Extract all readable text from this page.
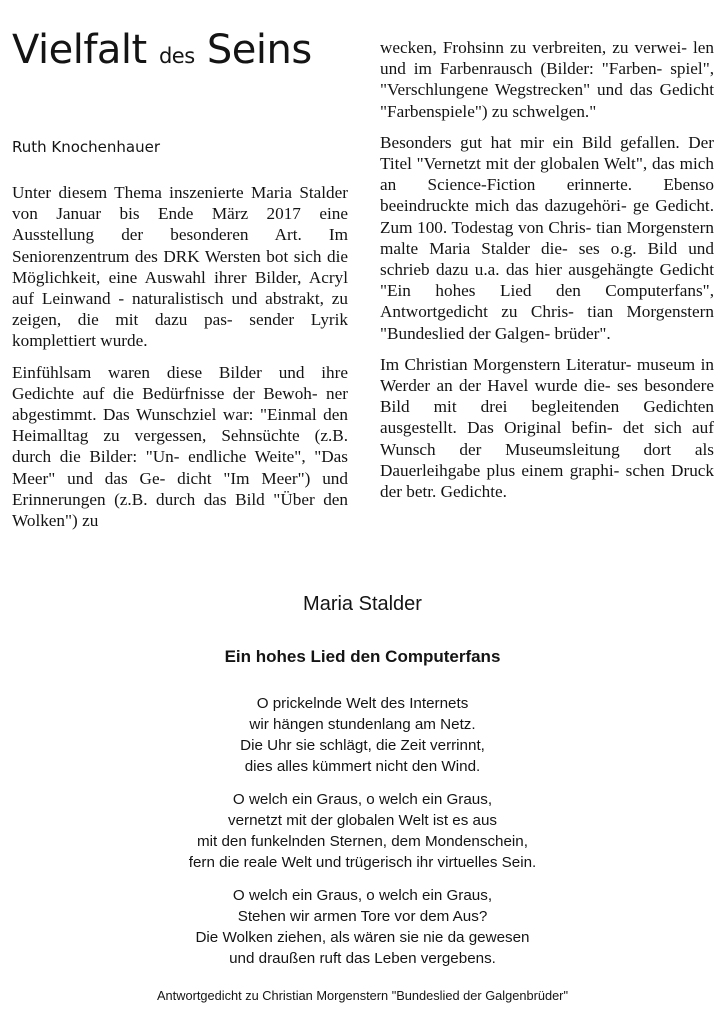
Vielfalt des Seins
Ruth Knochenhauer

Unter diesem Thema inszenierte Maria Stalder von Januar bis Ende März 2017 eine Ausstellung der besonderen Art. Im Seniorenzentrum des DRK Wersten bot sich die Möglichkeit, eine Auswahl ihrer Bilder, Acryl auf Leinwand - naturalistisch und abstrakt, zu zeigen, die mit dazu pas- sender Lyrik komplettiert wurde.

Einfühlsam waren diese Bilder und ihre Gedichte auf die Bedürfnisse der Bewoh- ner abgestimmt. Das Wunschziel war: "Einmal den Heimalltag zu vergessen, Sehnsüchte (z.B. durch die Bilder: "Un- endliche Weite", "Das Meer" und das Ge- dicht "Im Meer") und Erinnerungen (z.B. durch das Bild "Über den Wolken") zu

wecken, Frohsinn zu verbreiten, zu verwei- len und im Farbenrausch (Bilder: "Farben- spiel", "Verschlungene Wegstrecken" und das Gedicht "Farbenspiele") zu schwelgen."

Besonders gut hat mir ein Bild gefallen. Der Titel "Vernetzt mit der globalen Welt", das mich an Science-Fiction erinnerte. Ebenso beeindruckte mich das dazugehöri- ge Gedicht. Zum 100. Todestag von Chris- tian Morgenstern malte Maria Stalder die- ses o.g. Bild und schrieb dazu u.a. das hier ausgehängte Gedicht "Ein hohes Lied den Computerfans", Antwortgedicht zu Chris- tian Morgenstern "Bundeslied der Galgen- brüder".

Im Christian Morgenstern Literatur- museum in Werder an der Havel wurde die- ses besondere Bild mit drei begleitenden Gedichten ausgestellt. Das Original befin- det sich auf Wunsch der Museumsleitung dort als Dauerleihgabe plus einem graphi- schen Druck der betr. Gedichte.

Maria Stalder
Ein hohes Lied den Computerfans
O prickelnde Welt des Internets
wir hängen stundenlang am Netz.
Die Uhr sie schlägt, die Zeit verrinnt,
dies alles kümmert nicht den Wind.
O welch ein Graus, o welch ein Graus,
vernetzt mit der globalen Welt ist es aus
mit den funkelnden Sternen, dem Mondenschein,
fern die reale Welt und trügerisch ihr virtuelles Sein.
O welch ein Graus, o welch ein Graus,
Stehen wir armen Tore vor dem Aus?
Die Wolken ziehen, als wären sie nie da gewesen
und draußen ruft das Leben vergebens.
Antwortgedicht zu Christian Morgenstern "Bundeslied der Galgenbrüder"
